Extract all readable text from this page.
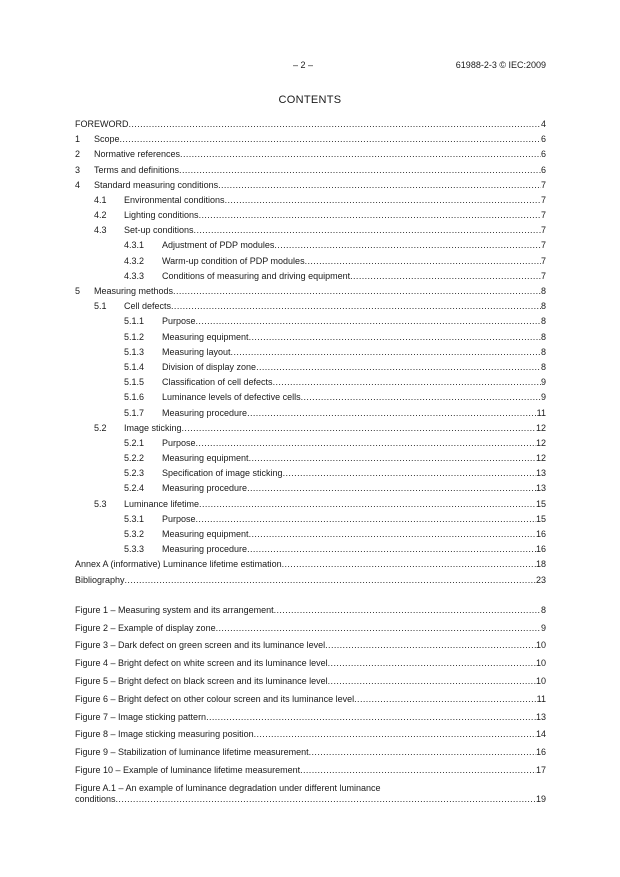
– 2 –	61988-2-3 © IEC:2009
CONTENTS
FOREWORD .....	4
1	Scope .....	6
2	Normative references .....	6
3	Terms and definitions .....	6
4	Standard measuring conditions .....	7
4.1	Environmental conditions .....	7
4.2	Lighting conditions .....	7
4.3	Set-up conditions .....	7
4.3.1	Adjustment of PDP modules .....	7
4.3.2	Warm-up condition of PDP modules .....	7
4.3.3	Conditions of measuring and driving equipment .....	7
5	Measuring methods .....	8
5.1	Cell defects .....	8
5.1.1	Purpose .....	8
5.1.2	Measuring equipment .....	8
5.1.3	Measuring layout .....	8
5.1.4	Division of display zone .....	8
5.1.5	Classification of cell defects .....	9
5.1.6	Luminance levels of defective cells .....	9
5.1.7	Measuring procedure .....	11
5.2	Image sticking .....	12
5.2.1	Purpose .....	12
5.2.2	Measuring equipment .....	12
5.2.3	Specification of image sticking .....	13
5.2.4	Measuring procedure .....	13
5.3	Luminance lifetime .....	15
5.3.1	Purpose .....	15
5.3.2	Measuring equipment .....	16
5.3.3	Measuring procedure .....	16
Annex A (informative) Luminance lifetime estimation .....	18
Bibliography .....	23
Figure 1 – Measuring system and its arrangement .....	8
Figure 2 – Example of display zone .....	9
Figure 3 – Dark defect on green screen and its luminance level .....	10
Figure 4 – Bright defect on white screen and its luminance level .....	10
Figure 5 – Bright defect on black screen and its luminance level .....	10
Figure 6 – Bright defect on other colour screen and its luminance level .....	11
Figure 7 – Image sticking pattern .....	13
Figure 8 – Image sticking measuring position .....	14
Figure 9 – Stabilization of luminance lifetime measurement .....	16
Figure 10 – Example of luminance lifetime measurement .....	17
Figure A.1 – An example of luminance degradation under different luminance
conditions .....	19
